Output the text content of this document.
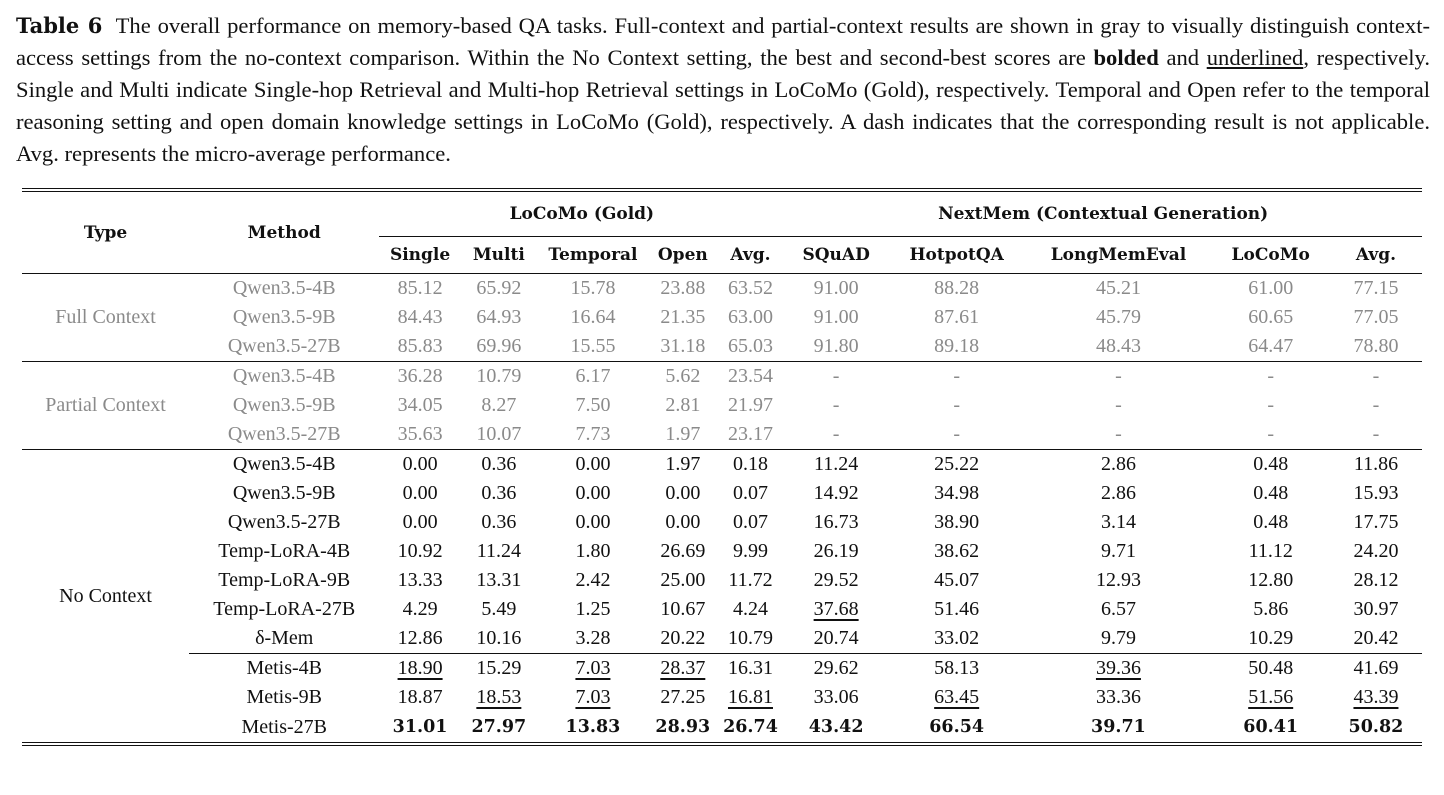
Table 6 The overall performance on memory-based QA tasks. Full-context and partial-context results are shown in gray to visually distinguish context-access settings from the no-context comparison. Within the No Context setting, the best and second-best scores are bolded and underlined, respectively. Single and Multi indicate Single-hop Retrieval and Multi-hop Retrieval settings in LoCoMo (Gold), respectively. Temporal and Open refer to the temporal reasoning setting and open domain knowledge settings in LoCoMo (Gold), respectively. A dash indicates that the corresponding result is not applicable. Avg. represents the micro-average performance.
Type	Method	LoCoMo (Gold)					NextMem (Contextual Generation)				
		Single	Multi	Temporal	Open	Avg.	SQuAD	HotpotQA	LongMemEval	LoCoMo	Avg.
Full Context	Qwen3.5-4B	85.12	65.92	15.78	23.88	63.52	91.00	88.28	45.21	61.00	77.15
	Qwen3.5-9B	84.43	64.93	16.64	21.35	63.00	91.00	87.61	45.79	60.65	77.05
	Qwen3.5-27B	85.83	69.96	15.55	31.18	65.03	91.80	89.18	48.43	64.47	78.80
Partial Context	Qwen3.5-4B	36.28	10.79	6.17	5.62	23.54	-	-	-	-	-
	Qwen3.5-9B	34.05	8.27	7.50	2.81	21.97	-	-	-	-	-
	Qwen3.5-27B	35.63	10.07	7.73	1.97	23.17	-	-	-	-	-
No Context	Qwen3.5-4B	0.00	0.36	0.00	1.97	0.18	11.24	25.22	2.86	0.48	11.86
	Qwen3.5-9B	0.00	0.36	0.00	0.00	0.07	14.92	34.98	2.86	0.48	15.93
	Qwen3.5-27B	0.00	0.36	0.00	0.00	0.07	16.73	38.90	3.14	0.48	17.75
	Temp-LoRA-4B	10.92	11.24	1.80	26.69	9.99	26.19	38.62	9.71	11.12	24.20
	Temp-LoRA-9B	13.33	13.31	2.42	25.00	11.72	29.52	45.07	12.93	12.80	28.12
	Temp-LoRA-27B	4.29	5.49	1.25	10.67	4.24	37.68	51.46	6.57	5.86	30.97
	δ-Mem	12.86	10.16	3.28	20.22	10.79	20.74	33.02	9.79	10.29	20.42
	Metis-4B	18.90	15.29	7.03	28.37	16.31	29.62	58.13	39.36	50.48	41.69
	Metis-9B	18.87	18.53	7.03	27.25	16.81	33.06	63.45	33.36	51.56	43.39
	Metis-27B	31.01	27.97	13.83	28.93	26.74	43.42	66.54	39.71	60.41	50.82
